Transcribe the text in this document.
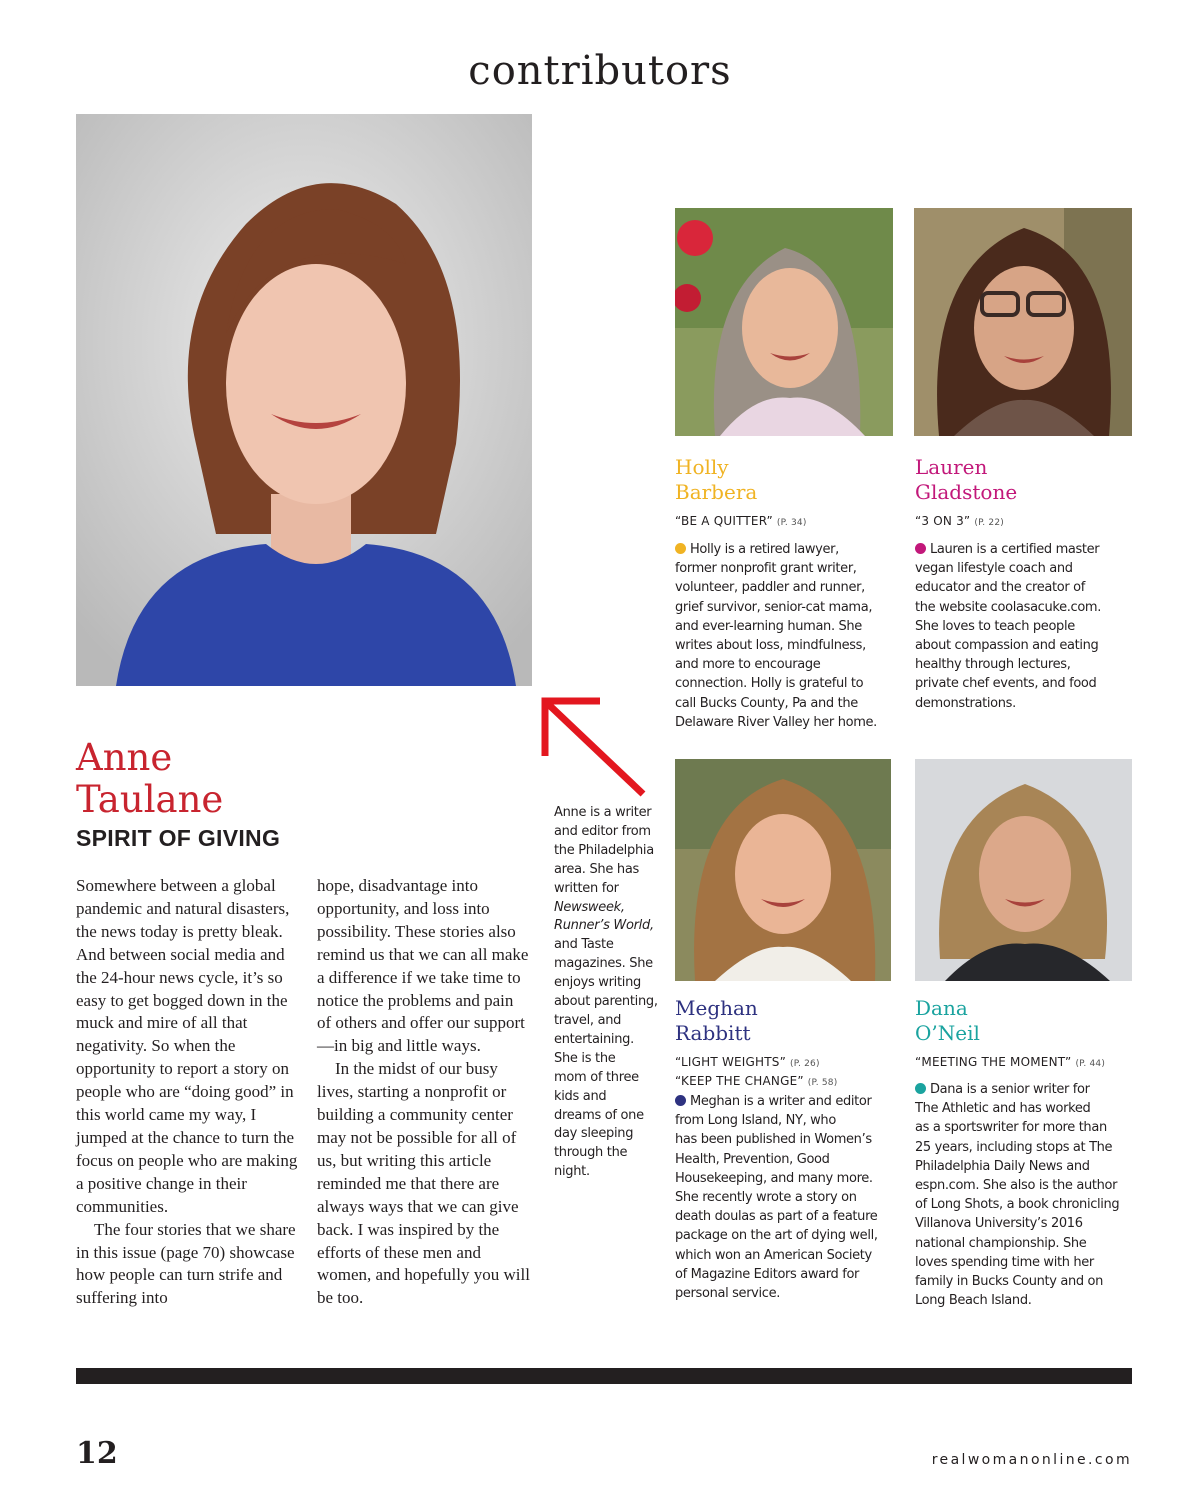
contributors
Anne
Taulane
SPIRIT OF GIVING

Somewhere between a global pandemic and natural disasters, the news today is pretty bleak. And between social media and the 24-hour news cycle, it’s so easy to get bogged down in the muck and mire of all that negativity. So when the opportunity to report a story on people who are “doing good” in this world came my way, I jumped at the chance to turn the focus on people who are making a positive change in their communities.

The four stories that we share in this issue (page 70) showcase how people can turn strife and suffering into

hope, disadvantage into opportunity, and loss into possibility. These stories also remind us that we can all make a difference if we take time to notice the problems and pain of others and offer our support—in big and little ways.

In the midst of our busy lives, starting a nonprofit or building a community center may not be possible for all of us, but writing this article reminded me that there are always ways that we can give back. I was inspired by the efforts of these men and women, and hopefully you will be too.

Anne is a writer
and editor from
the Philadelphia
area. She has
written for
Newsweek,
Runner’s World,
and Taste
magazines. She
enjoys writing
about parenting,
travel, and
entertaining.
She is the
mom of three
kids and
dreams of one
day sleeping
through the
night.
Holly
Barbera
“BE A QUITTER” (P. 34)
Holly is a retired lawyer,
former nonprofit grant writer,
volunteer, paddler and runner,
grief survivor, senior-cat mama,
and ever-learning human. She
writes about loss, mindfulness,
and more to encourage
connection. Holly is grateful to
call Bucks County, Pa and the
Delaware River Valley her home.
Lauren
Gladstone
“3 ON 3” (P. 22)
Lauren is a certified master
vegan lifestyle coach and
educator and the creator of
the website coolasacuke.com.
She loves to teach people
about compassion and eating
healthy through lectures,
private chef events, and food
demonstrations.
Meghan
Rabbitt
“LIGHT WEIGHTS” (P. 26)
“KEEP THE CHANGE” (P. 58)
Meghan is a writer and editor
from Long Island, NY, who
has been published in Women’s
Health, Prevention, Good
Housekeeping, and many more.
She recently wrote a story on
death doulas as part of a feature
package on the art of dying well,
which won an American Society
of Magazine Editors award for
personal service.
Dana
O’Neil
“MEETING THE MOMENT” (P. 44)
Dana is a senior writer for
The Athletic and has worked
as a sportswriter for more than
25 years, including stops at The
Philadelphia Daily News and
espn.com. She also is the author
of Long Shots, a book chronicling
Villanova University’s 2016
national championship. She
loves spending time with her
family in Bucks County and on
Long Beach Island.
12	realwomanonline.com
